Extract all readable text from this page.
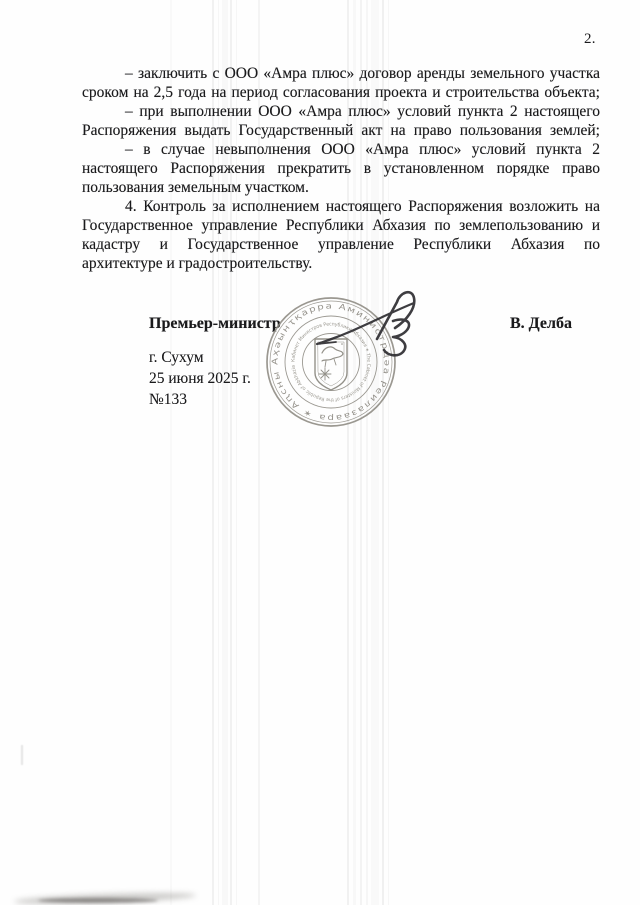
2.
– заключить с ООО «Амра плюс» договор аренды земельного участка
сроком на 2,5 года на период согласования проекта и строительства объекта;
– при выполнении ООО «Амра плюс» условий пункта 2 настоящего
Распоряжения выдать Государственный акт на право пользования землей;
– в случае невыполнения ООО «Амра плюс» условий пункта 2
настоящего Распоряжения прекратить в установленном порядке право
пользования земельным участком.
4. Контроль за исполнением настоящего Распоряжения возложить на
Государственное управление Республики Абхазия по землепользованию и
кадастру и Государственное управление Республики Абхазия по
архитектуре и градостроительству.
Премьер-министр	В. Делба
г. Сухум
25 июня 2025 г.
№133
✶ Аԥсны Аҳәынҭқарра Аминистрцәа Реилазаара
Кабинет Министров Республики Абхазия ✶ The Cabinet of Ministers of the Republic of Abkhazia
